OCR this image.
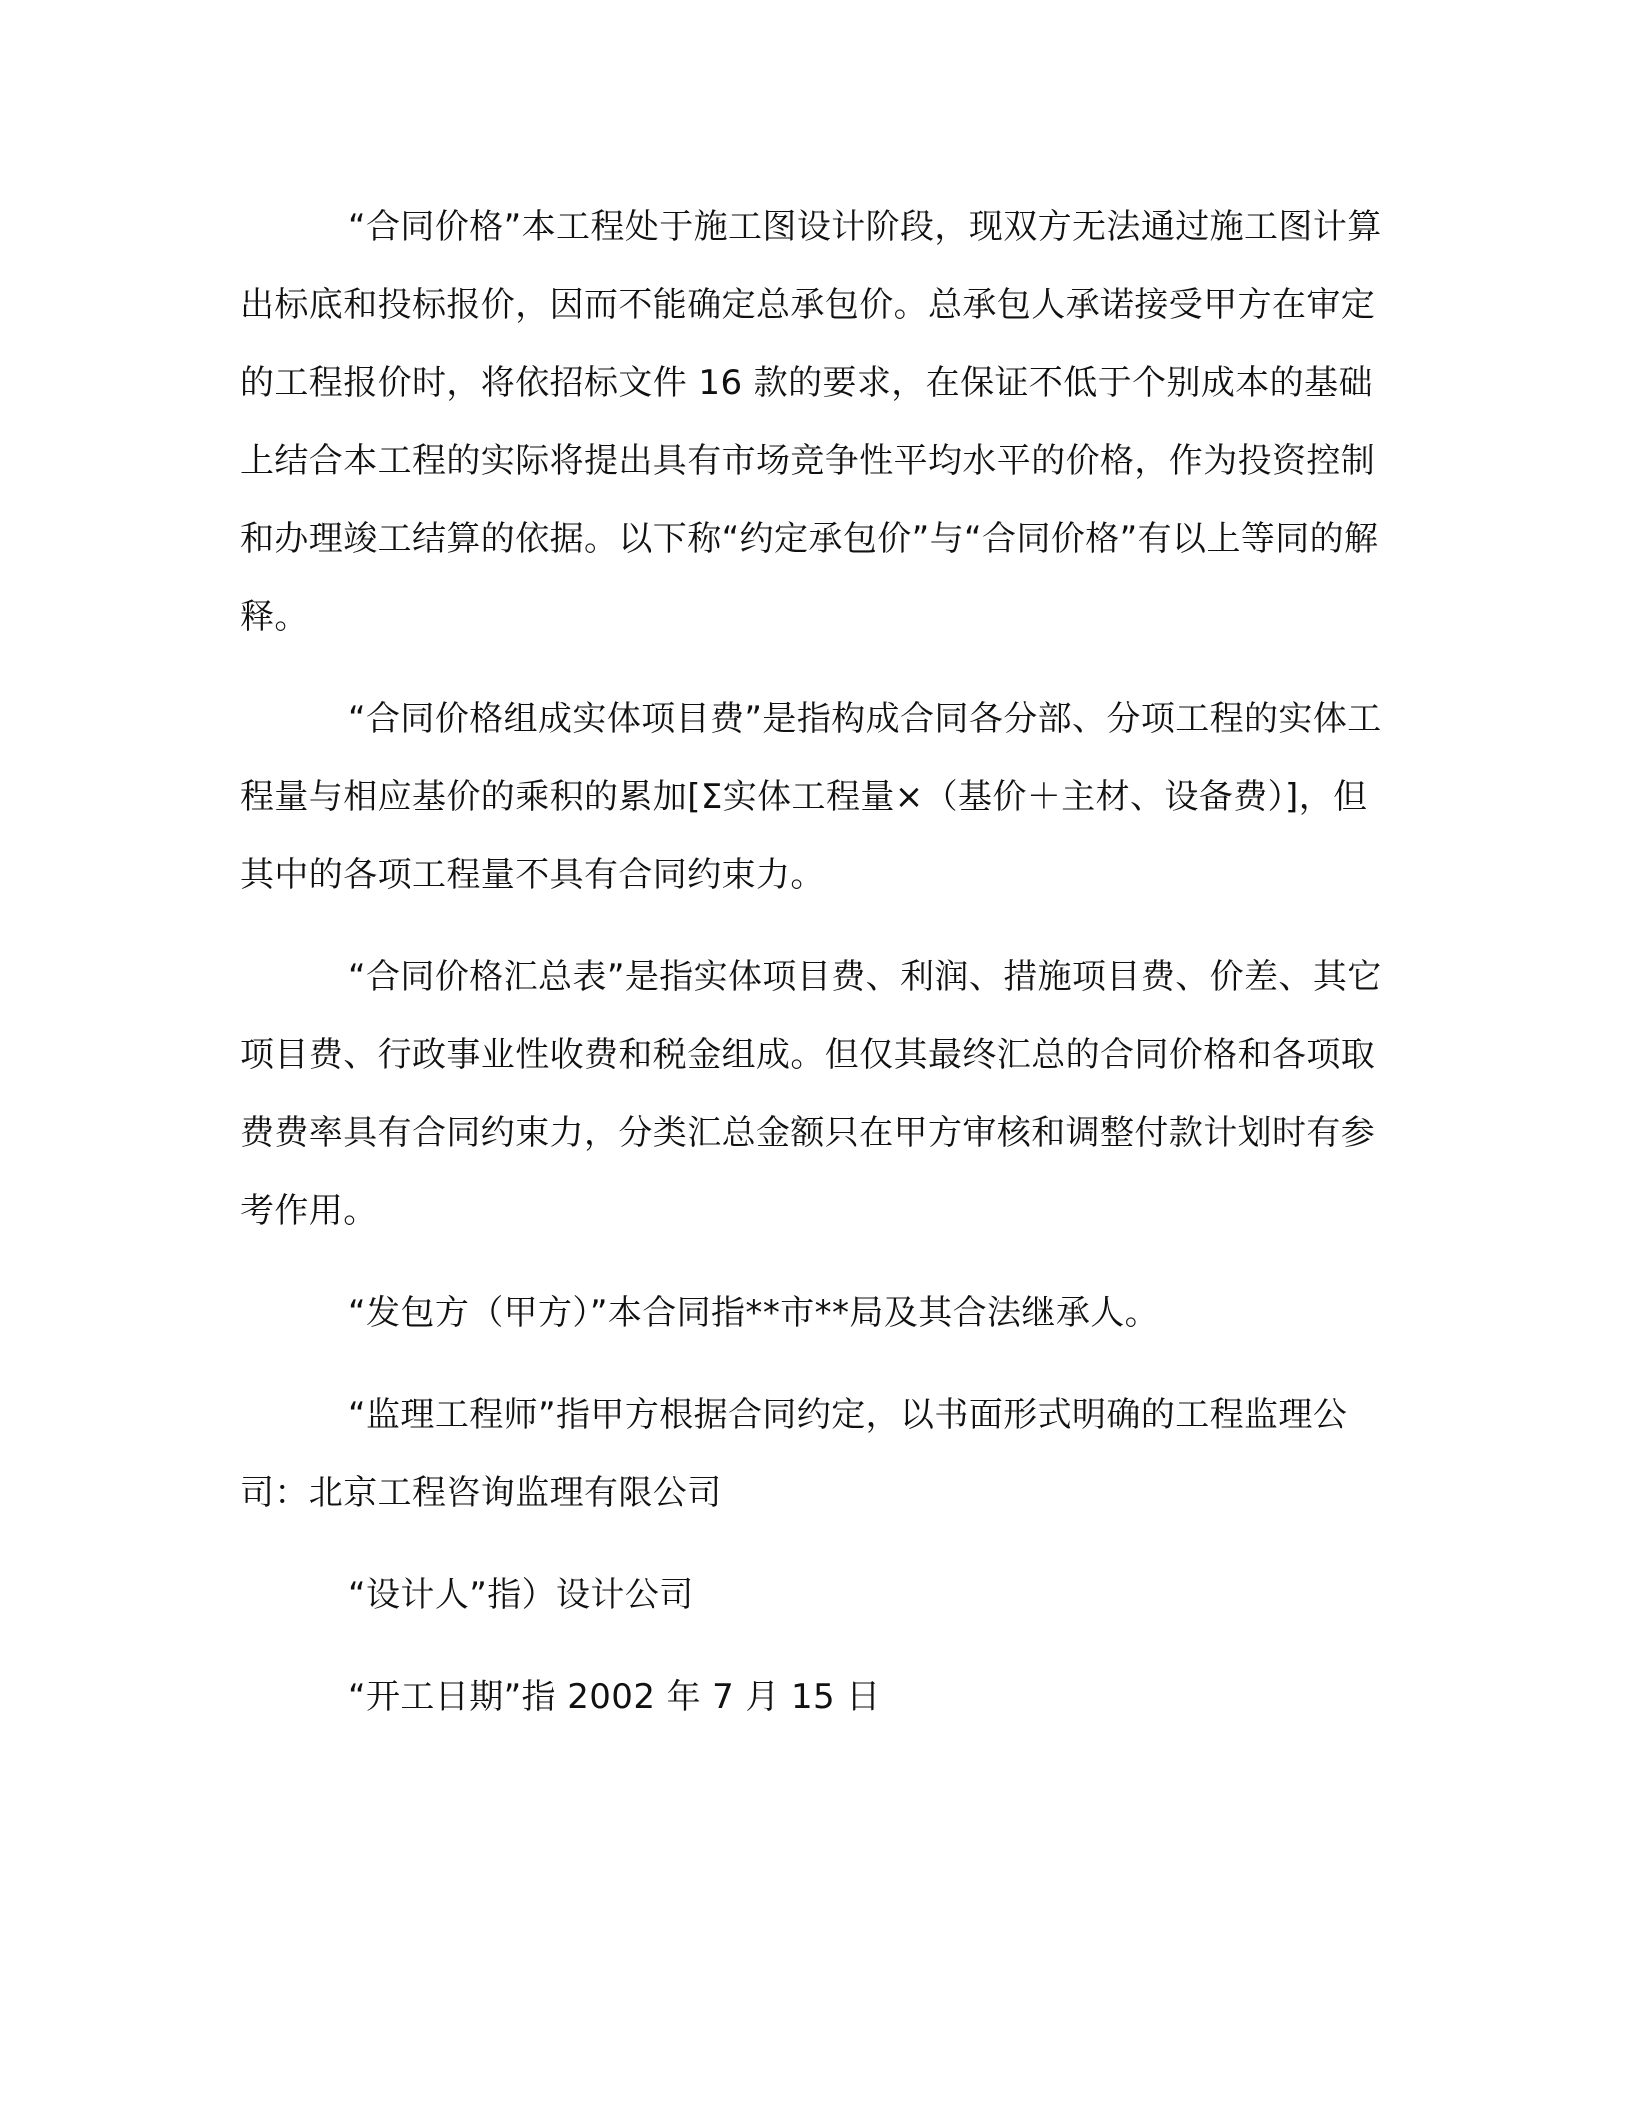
“合同价格”本工程处于施工图设计阶段，现双方无法通过施工图计算出标底和投标报价，因而不能确定总承包价。总承包人承诺接受甲方在审定的工程报价时，将依招标文件 16 款的要求，在保证不低于个别成本的基础上结合本工程的实际将提出具有市场竞争性平均水平的价格，作为投资控制和办理竣工结算的依据。以下称“约定承包价”与“合同价格”有以上等同的解释。

“合同价格组成实体项目费”是指构成合同各分部、分项工程的实体工程量与相应基价的乘积的累加[Σ实体工程量×（基价＋主材、设备费）]，但其中的各项工程量不具有合同约束力。

“合同价格汇总表”是指实体项目费、利润、措施项目费、价差、其它项目费、行政事业性收费和税金组成。但仅其最终汇总的合同价格和各项取费费率具有合同约束力，分类汇总金额只在甲方审核和调整付款计划时有参考作用。

“发包方（甲方）”本合同指**市**局及其合法继承人。

“监理工程师”指甲方根据合同约定，以书面形式明确的工程监理公司：北京工程咨询监理有限公司

“设计人”指）设计公司

“开工日期”指 2002 年 7 月 15 日
